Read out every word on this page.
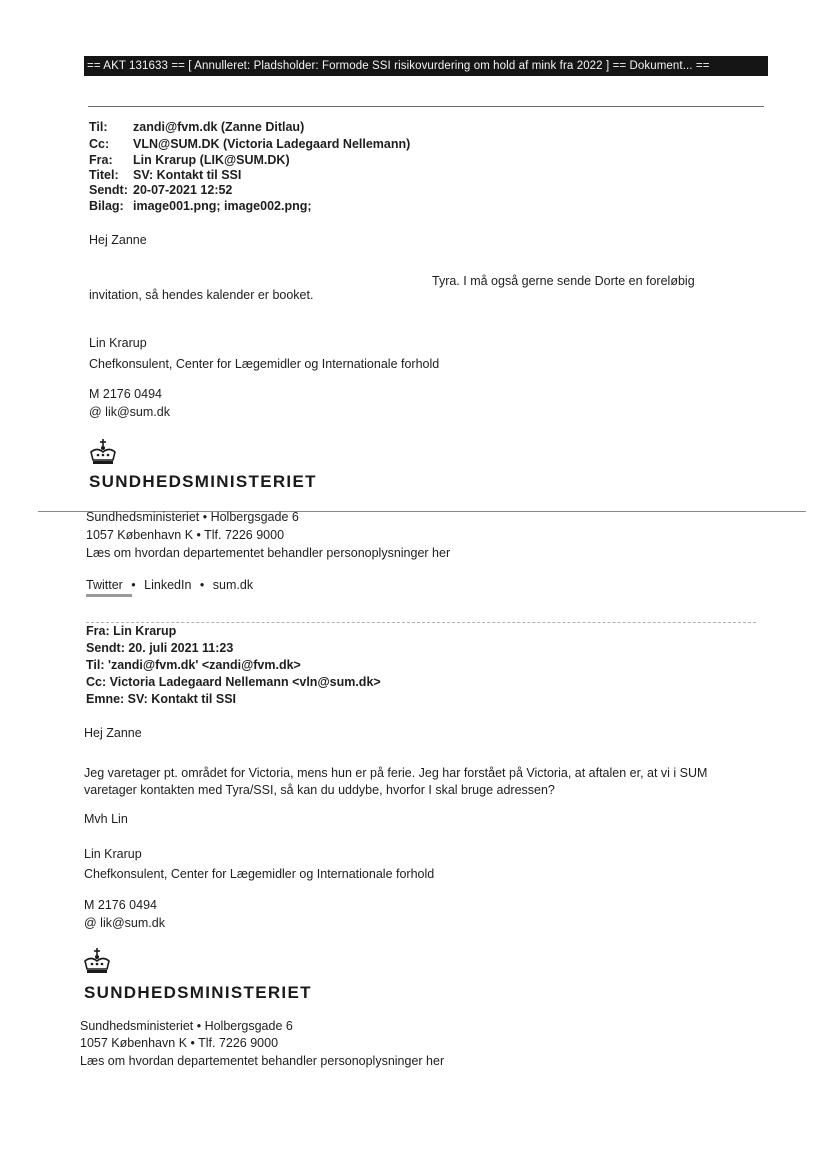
== AKT 131633 == [ Annulleret: Pladsholder: Formode SSI risikovurdering om hold af mink fra 2022 ] == Dokument... ==
Til:	zandi@fvm.dk (Zanne Ditlau)
Cc:	VLN@SUM.DK (Victoria Ladegaard Nellemann)
Fra:	Lin Krarup (LIK@SUM.DK)
Titel:	SV: Kontakt til SSI
Sendt: 20-07-2021 12:52
Bilag: image001.png; image002.png;
Hej Zanne
Tyra. I må også gerne sende Dorte en foreløbig
invitation, så hendes kalender er booket.
Lin Krarup
Chefkonsulent, Center for Lægemidler og Internationale forhold
M 2176 0494
@ lik@sum.dk
SUNDHEDSMINISTERIET
Sundhedsministeriet • Holbergsgade 6
1057 København K • Tlf. 7226 9000
Læs om hvordan departementet behandler personoplysninger her
Twitter • LinkedIn • sum.dk
Fra: Lin Krarup
Sendt: 20. juli 2021 11:23
Til: 'zandi@fvm.dk' <zandi@fvm.dk>
Cc: Victoria Ladegaard Nellemann <vln@sum.dk>
Emne: SV: Kontakt til SSI
Hej Zanne
Jeg varetager pt. området for Victoria, mens hun er på ferie. Jeg har forstået på Victoria, at aftalen er, at vi i SUM
varetager kontakten med Tyra/SSI, så kan du uddybe, hvorfor I skal bruge adressen?
Mvh Lin
Lin Krarup
Chefkonsulent, Center for Lægemidler og Internationale forhold
M 2176 0494
@ lik@sum.dk
SUNDHEDSMINISTERIET
Sundhedsministeriet • Holbergsgade 6
1057 København K • Tlf. 7226 9000
Læs om hvordan departementet behandler personoplysninger her
